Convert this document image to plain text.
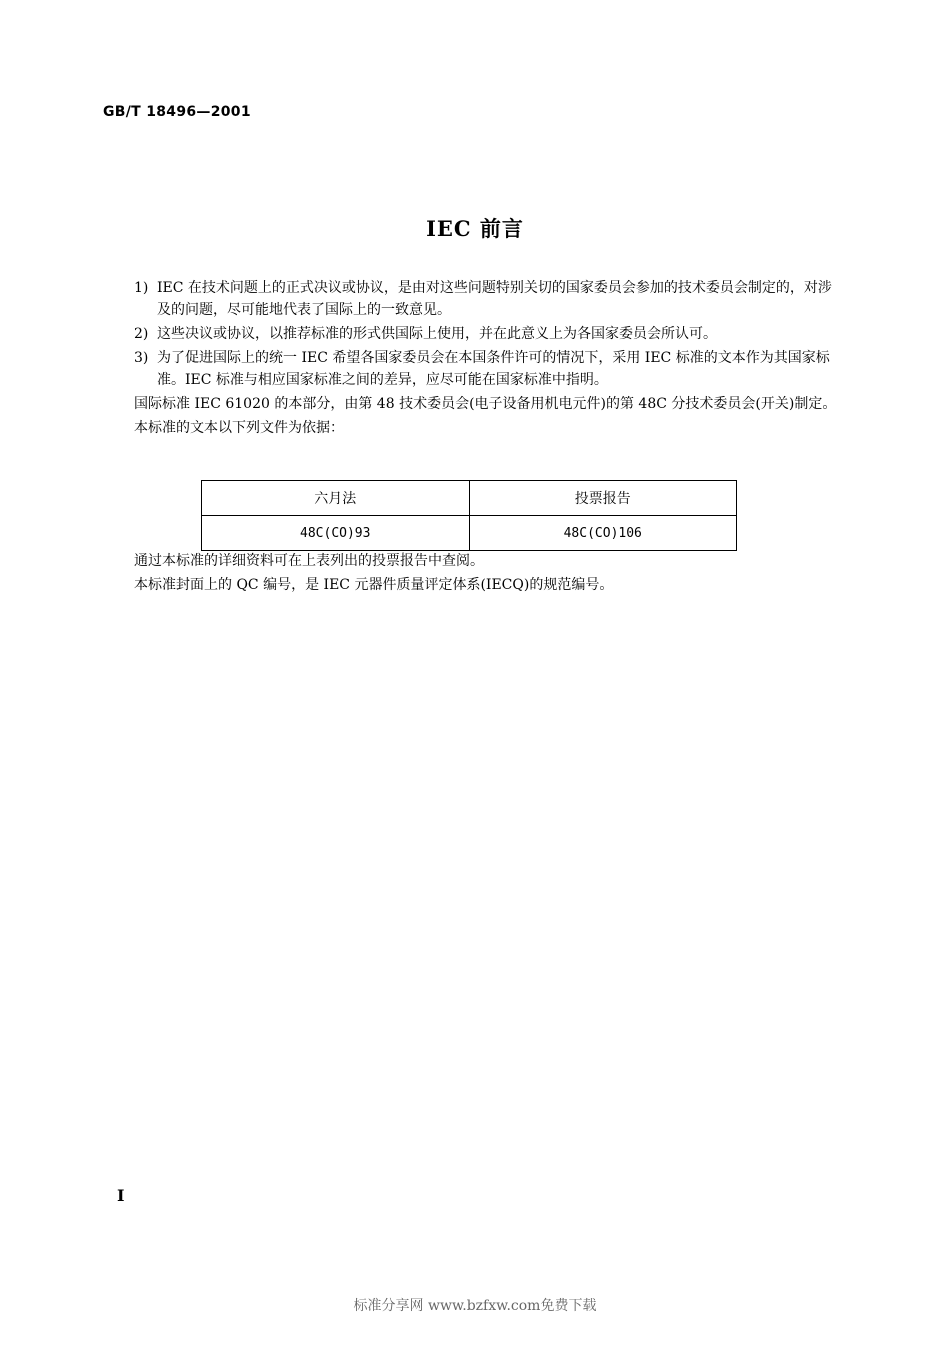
GB/T 18496—2001
IEC 前言
1) IEC 在技术问题上的正式决议或协议，是由对这些问题特别关切的国家委员会参加的技术委员会制定的，对涉及的问题，尽可能地代表了国际上的一致意见。
2) 这些决议或协议，以推荐标准的形式供国际上使用，并在此意义上为各国家委员会所认可。
3) 为了促进国际上的统一 IEC 希望各国家委员会在本国条件许可的情况下，采用 IEC 标准的文本作为其国家标准。IEC 标准与相应国家标准之间的差异，应尽可能在国家标准中指明。
国际标准 IEC 61020 的本部分，由第 48 技术委员会(电子设备用机电元件)的第 48C 分技术委员会(开关)制定。
本标准的文本以下列文件为依据：
六月法	投票报告
48C(CO)93	48C(CO)106
通过本标准的详细资料可在上表列出的投票报告中查阅。
本标准封面上的 QC 编号，是 IEC 元器件质量评定体系(IECQ)的规范编号。
I
标准分享网 www.bzfxw.com免费下载
